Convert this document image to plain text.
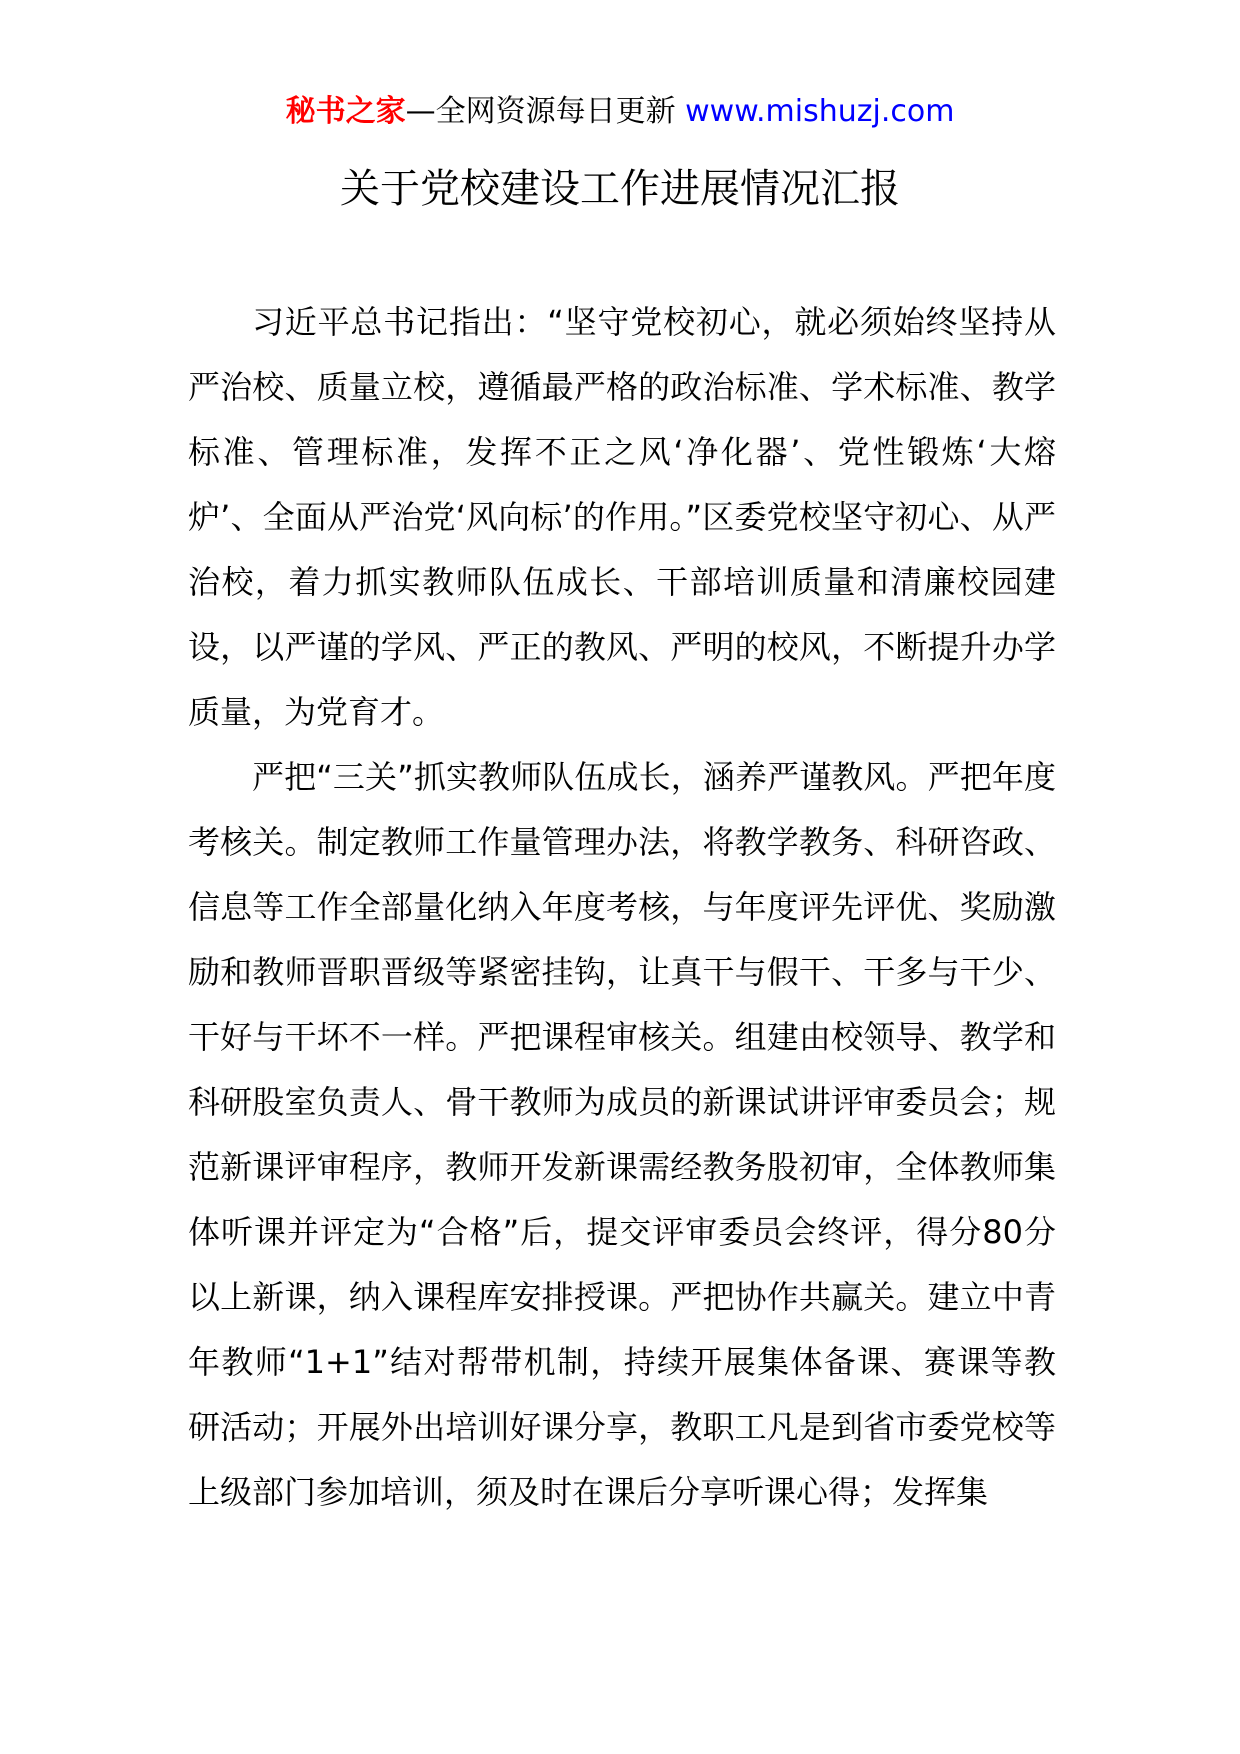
秘书之家—全网资源每日更新 www.mishuzj.com
关于党校建设工作进展情况汇报

习近平总书记指出：“坚守党校初心，就必须始终坚持从严治校、质量立校，遵循最严格的政治标准、学术标准、教学标准、管理标准，发挥不正之风‘净化器’、党性锻炼‘大熔炉’、全面从严治党‘风向标’的作用。”区委党校坚守初心、从严治校，着力抓实教师队伍成长、干部培训质量和清廉校园建设，以严谨的学风、严正的教风、严明的校风，不断提升办学质量，为党育才。

严把“三关”抓实教师队伍成长，涵养严谨教风。严把年度考核关。制定教师工作量管理办法，将教学教务、科研咨政、信息等工作全部量化纳入年度考核，与年度评先评优、奖励激励和教师晋职晋级等紧密挂钩，让真干与假干、干多与干少、干好与干坏不一样。严把课程审核关。组建由校领导、教学和科研股室负责人、骨干教师为成员的新课试讲评审委员会；规范新课评审程序，教师开发新课需经教务股初审，全体教师集体听课并评定为“合格”后，提交评审委员会终评，得分80分以上新课，纳入课程库安排授课。严把协作共赢关。建立中青年教师“1+1”结对帮带机制，持续开展集体备课、赛课等教研活动；开展外出培训好课分享，教职工凡是到省市委党校等上级部门参加培训，须及时在课后分享听课心得；发挥集
